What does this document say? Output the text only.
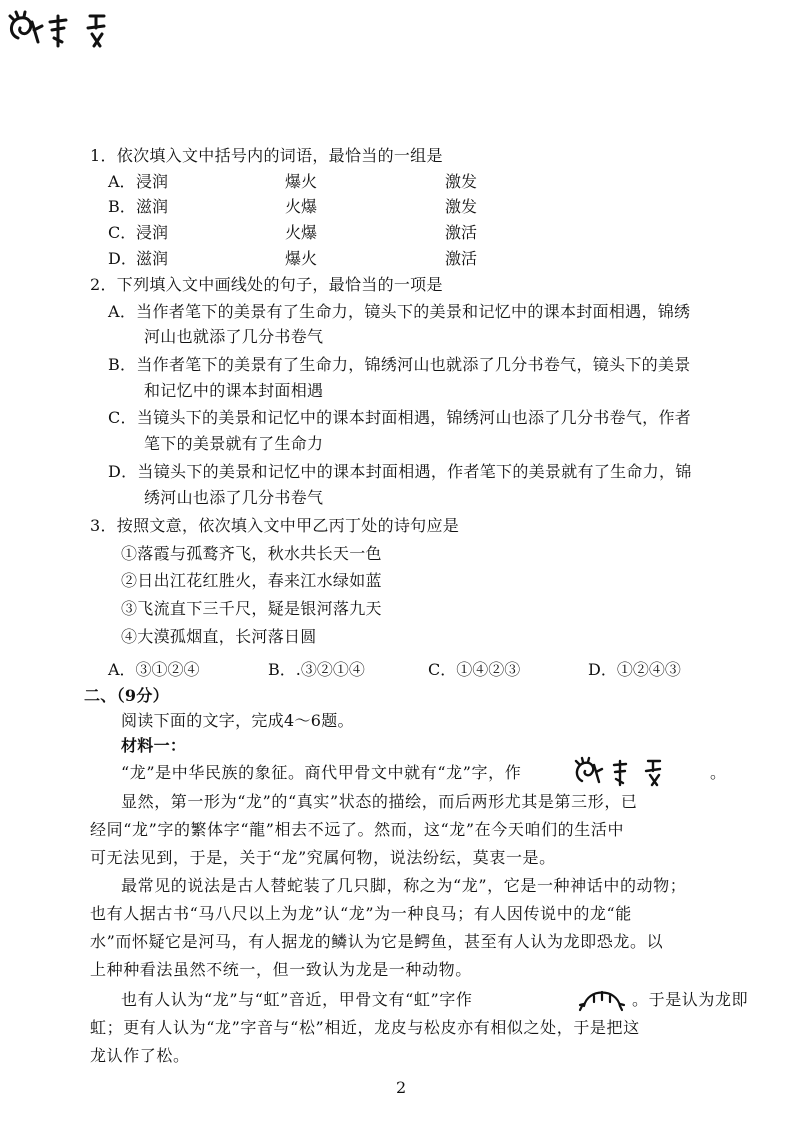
1．依次填入文中括号内的词语，最恰当的一组是
A． 浸润	爆火	激发
B． 滋润	火爆	激发
C． 浸润	火爆	激活
D． 滋润	爆火	激活
2．下列填入文中画线处的句子，最恰当的一项是
A．当作者笔下的美景有了生命力，镜头下的美景和记忆中的课本封面相遇，锦绣
河山也就添了几分书卷气
B．当作者笔下的美景有了生命力，锦绣河山也就添了几分书卷气，镜头下的美景
和记忆中的课本封面相遇
C．当镜头下的美景和记忆中的课本封面相遇，锦绣河山也添了几分书卷气，作者
笔下的美景就有了生命力
D．当镜头下的美景和记忆中的课本封面相遇，作者笔下的美景就有了生命力，锦
绣河山也添了几分书卷气
3．按照文意，依次填入文中甲乙丙丁处的诗句应是
①落霞与孤鹜齐飞，秋水共长天一色
②日出江花红胜火，春来江水绿如蓝
③飞流直下三千尺，疑是银河落九天
④大漠孤烟直，长河落日圆
A．③①②④	B．.③②①④	C．①④②③	D．①②④③
二、（9分）
阅读下面的文字，完成4～6题。
材料一：
“龙”是中华民族的象征。商代甲骨文中就有“龙”字，作	。
显然，第一形为“龙”的“真实”状态的描绘，而后两形尤其是第三形，已
经同“龙”字的繁体字“龍”相去不远了。然而，这“龙”在今天咱们的生活中
可无法见到，于是，关于“龙”究属何物，说法纷纭，莫衷一是。
最常见的说法是古人替蛇装了几只脚，称之为“龙”，它是一种神话中的动物；
也有人据古书“马八尺以上为龙”认“龙”为一种良马；有人因传说中的龙“能
水”而怀疑它是河马，有人据龙的鳞认为它是鳄鱼，甚至有人认为龙即恐龙。以
上种种看法虽然不统一，但一致认为龙是一种动物。
也有人认为“龙”与“虹”音近，甲骨文有“虹”字作	。于是认为龙即
虹；更有人认为“龙”字音与“松”相近，龙皮与松皮亦有相似之处，于是把这
龙认作了松。
2
